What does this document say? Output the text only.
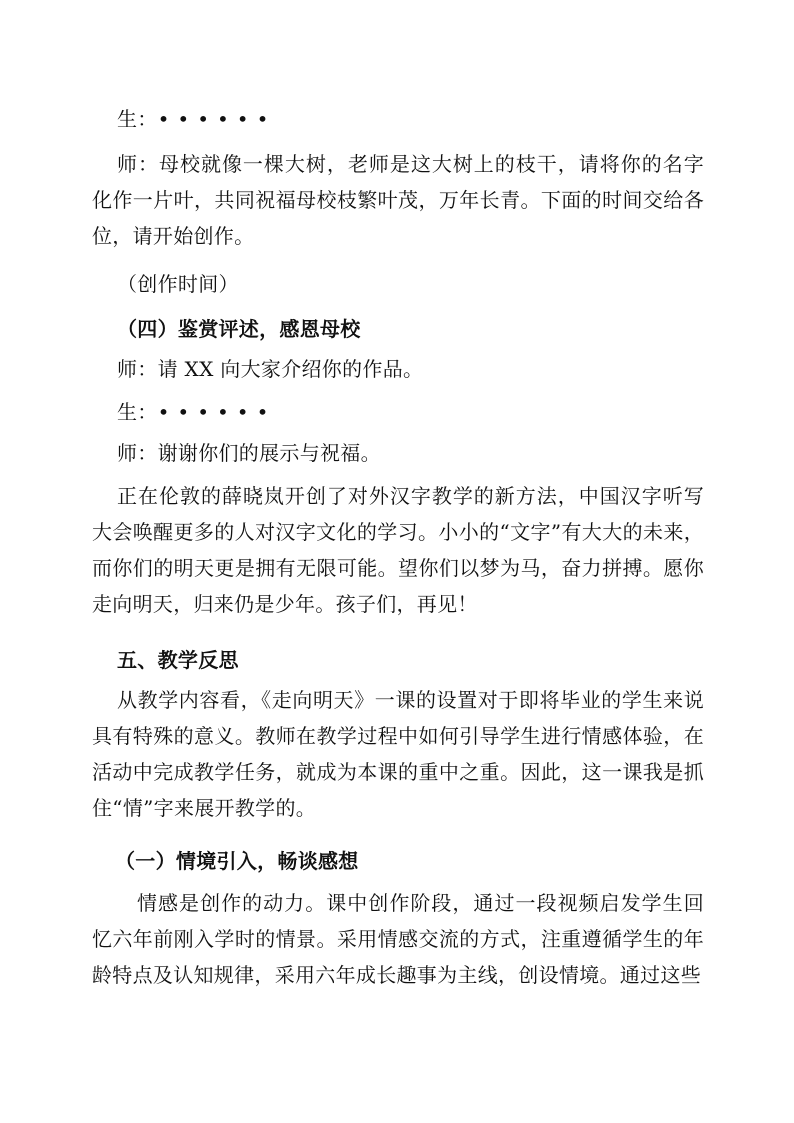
生：••••••

师：母校就像一棵大树，老师是这大树上的枝干，请将你的名字化作一片叶，共同祝福母校枝繁叶茂，万年长青。下面的时间交给各位，请开始创作。

（创作时间）

（四）鉴赏评述，感恩母校

师：请 XX 向大家介绍你的作品。

生：••••••

师：谢谢你们的展示与祝福。

正在伦敦的薛晓岚开创了对外汉字教学的新方法，中国汉字听写大会唤醒更多的人对汉字文化的学习。小小的“文字”有大大的未来，而你们的明天更是拥有无限可能。望你们以梦为马，奋力拼搏。愿你走向明天，归来仍是少年。孩子们，再见！

五、教学反思

从教学内容看，《走向明天》一课的设置对于即将毕业的学生来说具有特殊的意义。教师在教学过程中如何引导学生进行情感体验，在活动中完成教学任务，就成为本课的重中之重。因此，这一课我是抓住“情”字来展开教学的。

（一）情境引入，畅谈感想

情感是创作的动力。课中创作阶段，通过一段视频启发学生回忆六年前刚入学时的情景。采用情感交流的方式，注重遵循学生的年龄特点及认知规律，采用六年成长趣事为主线，创设情境。通过这些
